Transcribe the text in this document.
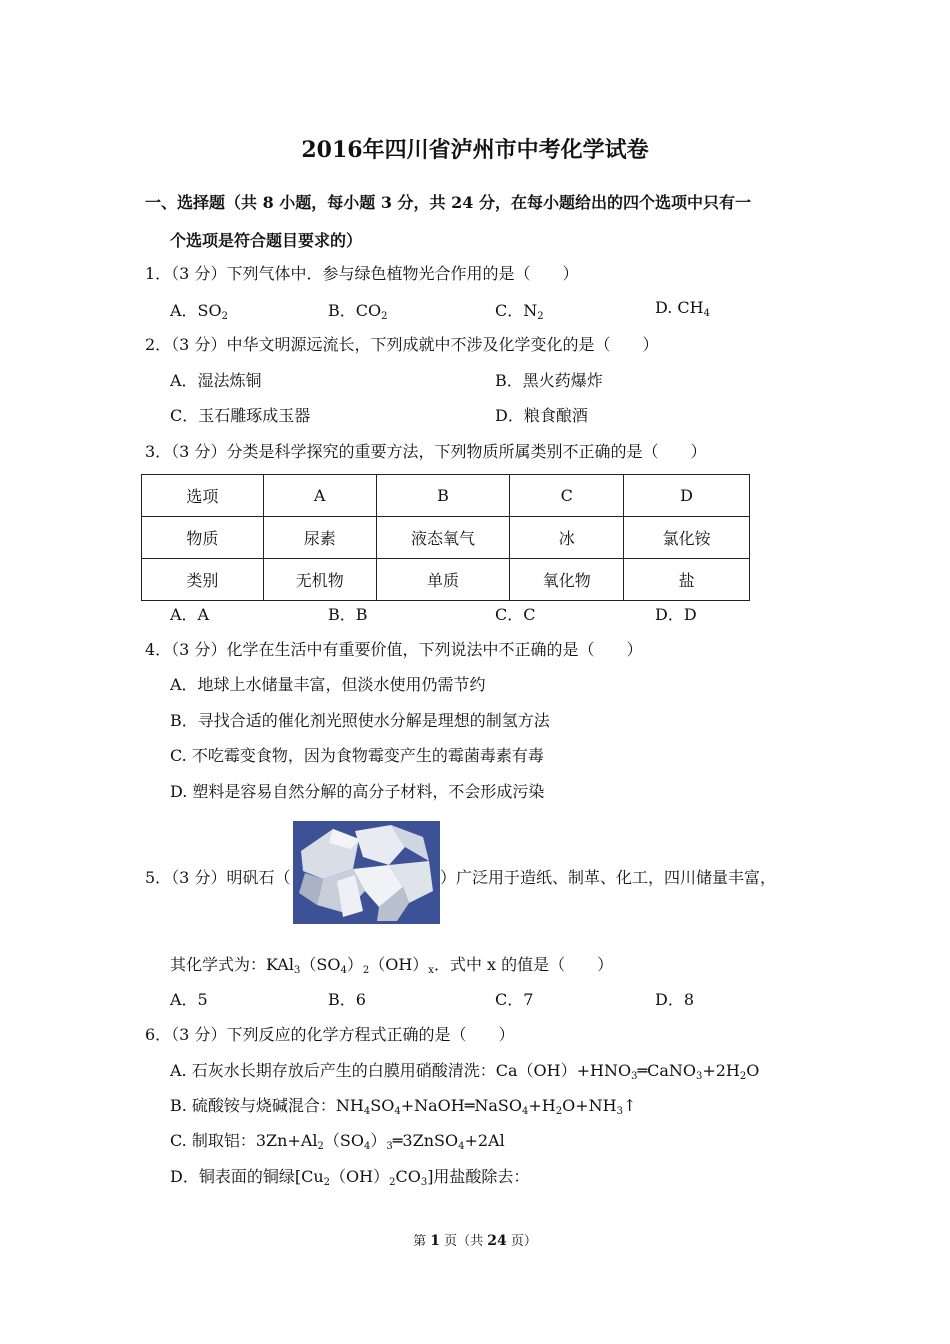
2016年四川省泸州市中考化学试卷
一、选择题（共 8 小题，每小题 3 分，共 24 分，在每小题给出的四个选项中只有一
个选项是符合题目要求的）
1．（3 分）下列气体中．参与绿色植物光合作用的是（　　）
A．$SO_2$	B．$CO_2$	C．$N_2$	D. $CH_4$
2．（3 分）中华文明源远流长，下列成就中不涉及化学变化的是（　　）
A．湿法炼铜	B．黑火药爆炸
C．玉石雕琢成玉器	D．粮食酿酒
3．（3 分）分类是科学探究的重要方法，下列物质所属类别不正确的是（　　）
选项	A	B	C	D
物质	尿素	液态氧气	冰	氯化铵
类别	无机物	单质	氧化物	盐
A．A	B．B	C．C	D．D
4．（3 分）化学在生活中有重要价值，下列说法中不正确的是（　　）
A．地球上水储量丰富，但淡水使用仍需节约
B．寻找合适的催化剂光照使水分解是理想的制氢方法
C. 不吃霉变食物，因为食物霉变产生的霉菌毒素有毒
D. 塑料是容易自然分解的高分子材料，不会形成污染
5．（3 分）明矾石（	）广泛用于造纸、制革、化工，四川储量丰富，
其化学式为：$KAl_3(SO_4)_2(OH)_x$．式中 x 的值是（　　）
A．5	B．6	C．7	D．8
6．（3 分）下列反应的化学方程式正确的是（　　）
A. 石灰水长期存放后产生的白膜用硝酸清洗：$Ca(OH)+HNO_3═CaNO_3+2H_2O$
B. 硫酸铵与烧碱混合：$NH_4SO_4+NaOH═NaSO_4+H_2O+NH_3↑$
C. 制取铝：$3Zn+Al_2(SO_4)_3═3ZnSO_4+2Al$
D．铜表面的铜绿$[Cu_2(OH)_2CO_3]$用盐酸除去：
第 1 页（共 24 页）
